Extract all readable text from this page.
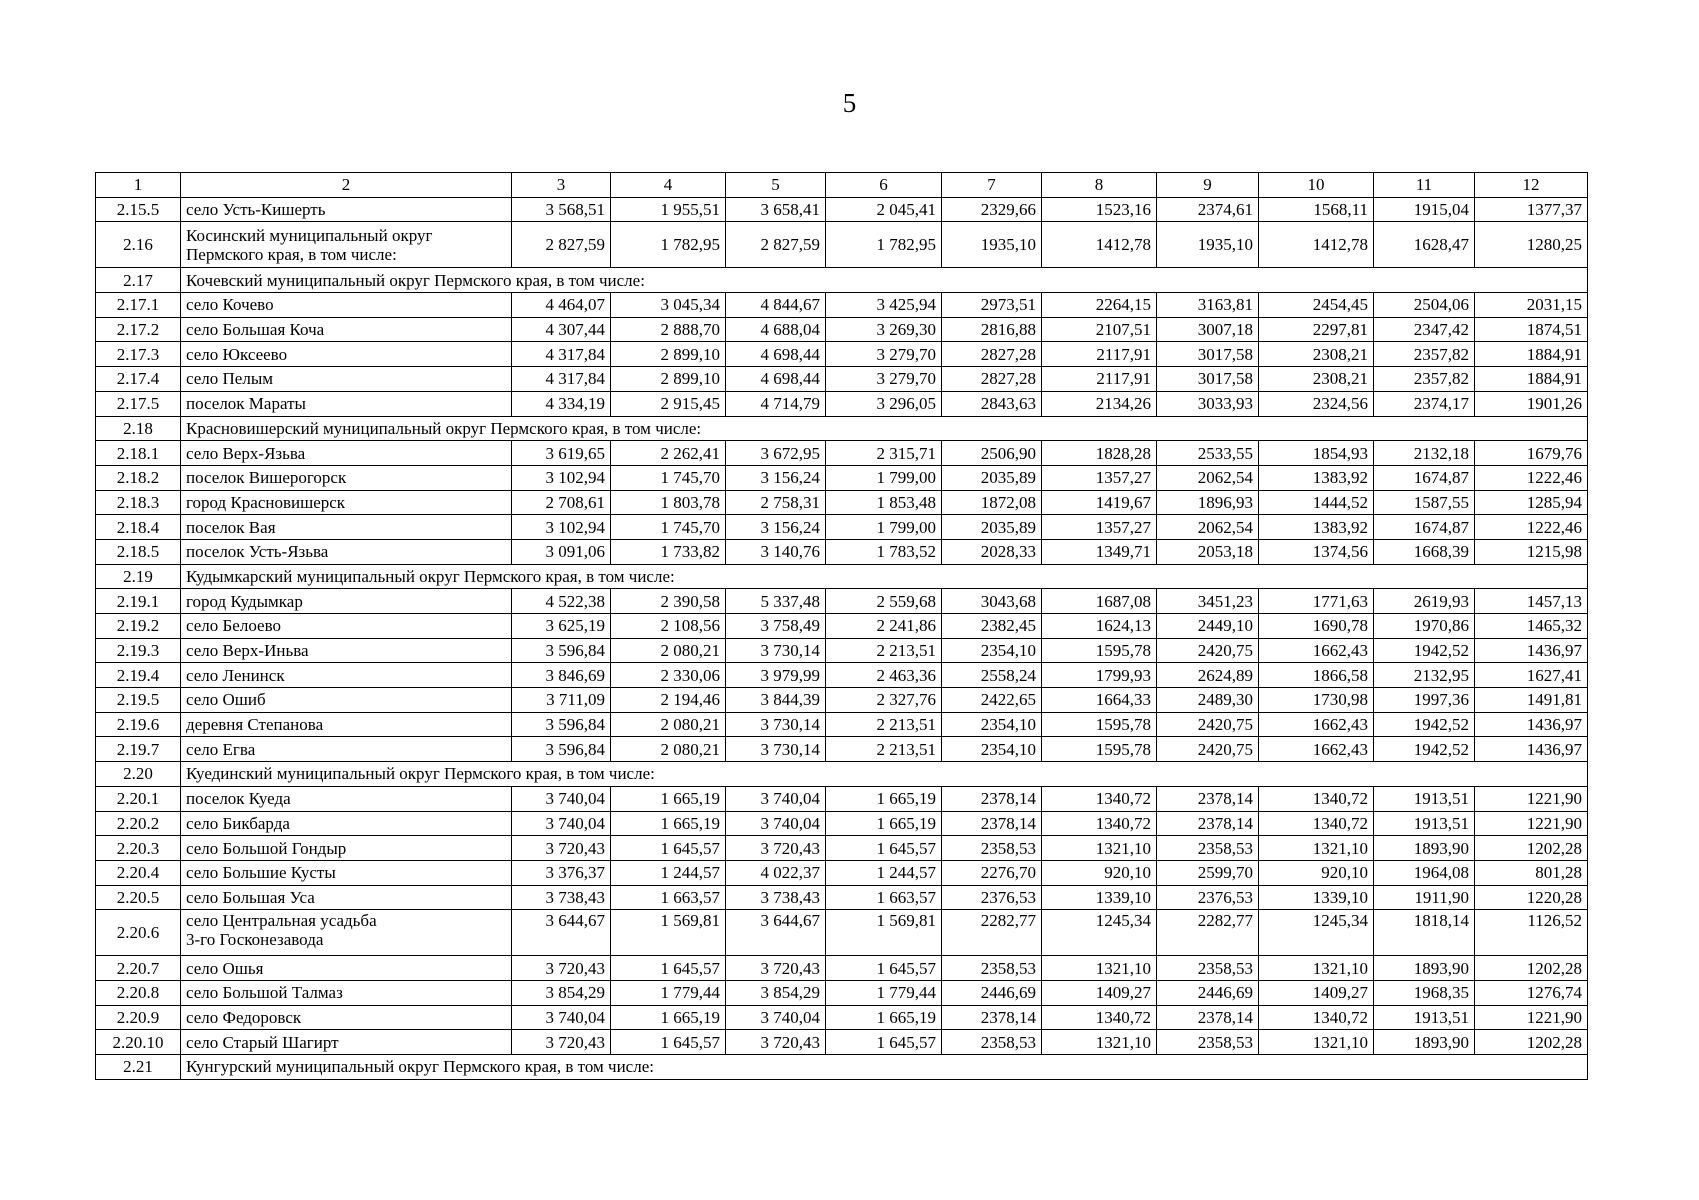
5
1	2	3	4	5	6	7	8	9	10	11	12
2.15.5	село Усть-Кишерть	3 568,51	1 955,51	3 658,41	2 045,41	2329,66	1523,16	2374,61	1568,11	1915,04	1377,37
2.16	Косинский муниципальный округ
Пермского края, в том числе:	2 827,59	1 782,95	2 827,59	1 782,95	1935,10	1412,78	1935,10	1412,78	1628,47	1280,25
2.17	Кочевский муниципальный округ Пермского края, в том числе:										
2.17.1	село Кочево	4 464,07	3 045,34	4 844,67	3 425,94	2973,51	2264,15	3163,81	2454,45	2504,06	2031,15
2.17.2	село Большая Коча	4 307,44	2 888,70	4 688,04	3 269,30	2816,88	2107,51	3007,18	2297,81	2347,42	1874,51
2.17.3	село Юксеево	4 317,84	2 899,10	4 698,44	3 279,70	2827,28	2117,91	3017,58	2308,21	2357,82	1884,91
2.17.4	село Пелым	4 317,84	2 899,10	4 698,44	3 279,70	2827,28	2117,91	3017,58	2308,21	2357,82	1884,91
2.17.5	поселок Мараты	4 334,19	2 915,45	4 714,79	3 296,05	2843,63	2134,26	3033,93	2324,56	2374,17	1901,26
2.18	Красновишерский муниципальный округ Пермского края, в том числе:										
2.18.1	село Верх-Язьва	3 619,65	2 262,41	3 672,95	2 315,71	2506,90	1828,28	2533,55	1854,93	2132,18	1679,76
2.18.2	поселок Вишерогорск	3 102,94	1 745,70	3 156,24	1 799,00	2035,89	1357,27	2062,54	1383,92	1674,87	1222,46
2.18.3	город Красновишерск	2 708,61	1 803,78	2 758,31	1 853,48	1872,08	1419,67	1896,93	1444,52	1587,55	1285,94
2.18.4	поселок Вая	3 102,94	1 745,70	3 156,24	1 799,00	2035,89	1357,27	2062,54	1383,92	1674,87	1222,46
2.18.5	поселок Усть-Язьва	3 091,06	1 733,82	3 140,76	1 783,52	2028,33	1349,71	2053,18	1374,56	1668,39	1215,98
2.19	Кудымкарский муниципальный округ Пермского края, в том числе:										
2.19.1	город Кудымкар	4 522,38	2 390,58	5 337,48	2 559,68	3043,68	1687,08	3451,23	1771,63	2619,93	1457,13
2.19.2	село Белоево	3 625,19	2 108,56	3 758,49	2 241,86	2382,45	1624,13	2449,10	1690,78	1970,86	1465,32
2.19.3	село Верх-Иньва	3 596,84	2 080,21	3 730,14	2 213,51	2354,10	1595,78	2420,75	1662,43	1942,52	1436,97
2.19.4	село Ленинск	3 846,69	2 330,06	3 979,99	2 463,36	2558,24	1799,93	2624,89	1866,58	2132,95	1627,41
2.19.5	село Ошиб	3 711,09	2 194,46	3 844,39	2 327,76	2422,65	1664,33	2489,30	1730,98	1997,36	1491,81
2.19.6	деревня Степанова	3 596,84	2 080,21	3 730,14	2 213,51	2354,10	1595,78	2420,75	1662,43	1942,52	1436,97
2.19.7	село Егва	3 596,84	2 080,21	3 730,14	2 213,51	2354,10	1595,78	2420,75	1662,43	1942,52	1436,97
2.20	Куединский муниципальный округ Пермского края, в том числе:										
2.20.1	поселок Куеда	3 740,04	1 665,19	3 740,04	1 665,19	2378,14	1340,72	2378,14	1340,72	1913,51	1221,90
2.20.2	село Бикбарда	3 740,04	1 665,19	3 740,04	1 665,19	2378,14	1340,72	2378,14	1340,72	1913,51	1221,90
2.20.3	село Большой Гондыр	3 720,43	1 645,57	3 720,43	1 645,57	2358,53	1321,10	2358,53	1321,10	1893,90	1202,28
2.20.4	село Большие Кусты	3 376,37	1 244,57	4 022,37	1 244,57	2276,70	920,10	2599,70	920,10	1964,08	801,28
2.20.5	село Большая Уса	3 738,43	1 663,57	3 738,43	1 663,57	2376,53	1339,10	2376,53	1339,10	1911,90	1220,28
2.20.6	село Центральная усадьба
3-го Госконезавода	3 644,67	1 569,81	3 644,67	1 569,81	2282,77	1245,34	2282,77	1245,34	1818,14	1126,52
2.20.7	село Ошья	3 720,43	1 645,57	3 720,43	1 645,57	2358,53	1321,10	2358,53	1321,10	1893,90	1202,28
2.20.8	село Большой Талмаз	3 854,29	1 779,44	3 854,29	1 779,44	2446,69	1409,27	2446,69	1409,27	1968,35	1276,74
2.20.9	село Федоровск	3 740,04	1 665,19	3 740,04	1 665,19	2378,14	1340,72	2378,14	1340,72	1913,51	1221,90
2.20.10	село Старый Шагирт	3 720,43	1 645,57	3 720,43	1 645,57	2358,53	1321,10	2358,53	1321,10	1893,90	1202,28
2.21	Кунгурский муниципальный округ Пермского края, в том числе:										
